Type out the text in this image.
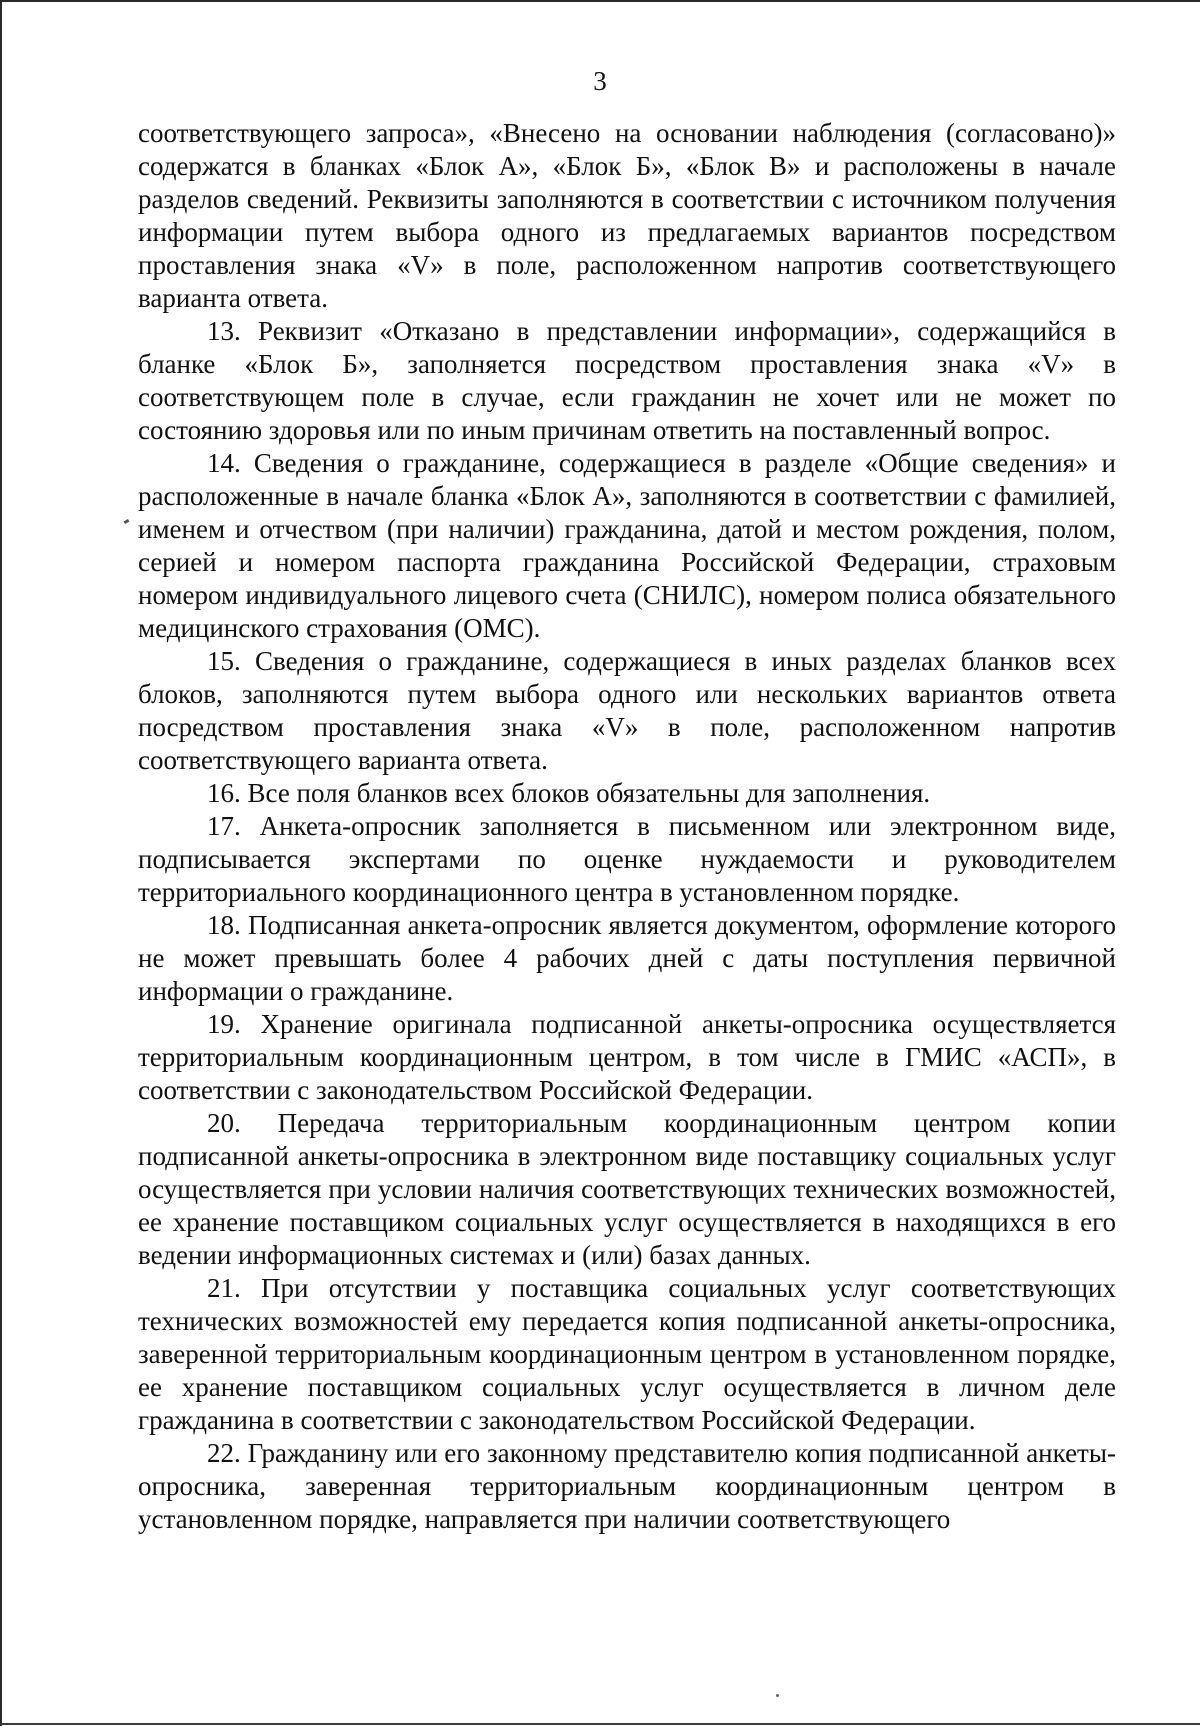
3

соответствующего запроса», «Внесено на основании наблюдения (согласовано)» содержатся в бланках «Блок А», «Блок Б», «Блок В» и расположены в начале разделов сведений. Реквизиты заполняются в соответствии с источником получения информации путем выбора одного из предлагаемых вариантов посредством проставления знака «V» в поле, расположенном напротив соответствующего варианта ответа.

13. Реквизит «Отказано в представлении информации», содержащийся в бланке «Блок Б», заполняется посредством проставления знака «V» в соответствующем поле в случае, если гражданин не хочет или не может по состоянию здоровья или по иным причинам ответить на поставленный вопрос.

14. Сведения о гражданине, содержащиеся в разделе «Общие сведения» и расположенные в начале бланка «Блок А», заполняются в соответствии с фамилией, именем и отчеством (при наличии) гражданина, датой и местом рождения, полом, серией и номером паспорта гражданина Российской Федерации, страховым номером индивидуального лицевого счета (СНИЛС), номером полиса обязательного медицинского страхования (ОМС).

15. Сведения о гражданине, содержащиеся в иных разделах бланков всех блоков, заполняются путем выбора одного или нескольких вариантов ответа посредством проставления знака «V» в поле, расположенном напротив соответствующего варианта ответа.

16. Все поля бланков всех блоков обязательны для заполнения.

17. Анкета-опросник заполняется в письменном или электронном виде, подписывается экспертами по оценке нуждаемости и руководителем территориального координационного центра в установленном порядке.

18. Подписанная анкета-опросник является документом, оформление которого не может превышать более 4 рабочих дней с даты поступления первичной информации о гражданине.

19. Хранение оригинала подписанной анкеты-опросника осуществляется территориальным координационным центром, в том числе в ГМИС «АСП», в соответствии с законодательством Российской Федерации.

20. Передача территориальным координационным центром копии подписанной анкеты-опросника в электронном виде поставщику социальных услуг осуществляется при условии наличия соответствующих технических возможностей, ее хранение поставщиком социальных услуг осуществляется в находящихся в его ведении информационных системах и (или) базах данных.

21. При отсутствии у поставщика социальных услуг соответствующих технических возможностей ему передается копия подписанной анкеты-опросника, заверенной территориальным координационным центром в установленном порядке, ее хранение поставщиком социальных услуг осуществляется в личном деле гражданина в соответствии с законодательством Российской Федерации.

22. Гражданину или его законному представителю копия подписанной анкеты-опросника, заверенная территориальным координационным центром в установленном порядке, направляется при наличии соответствующего
